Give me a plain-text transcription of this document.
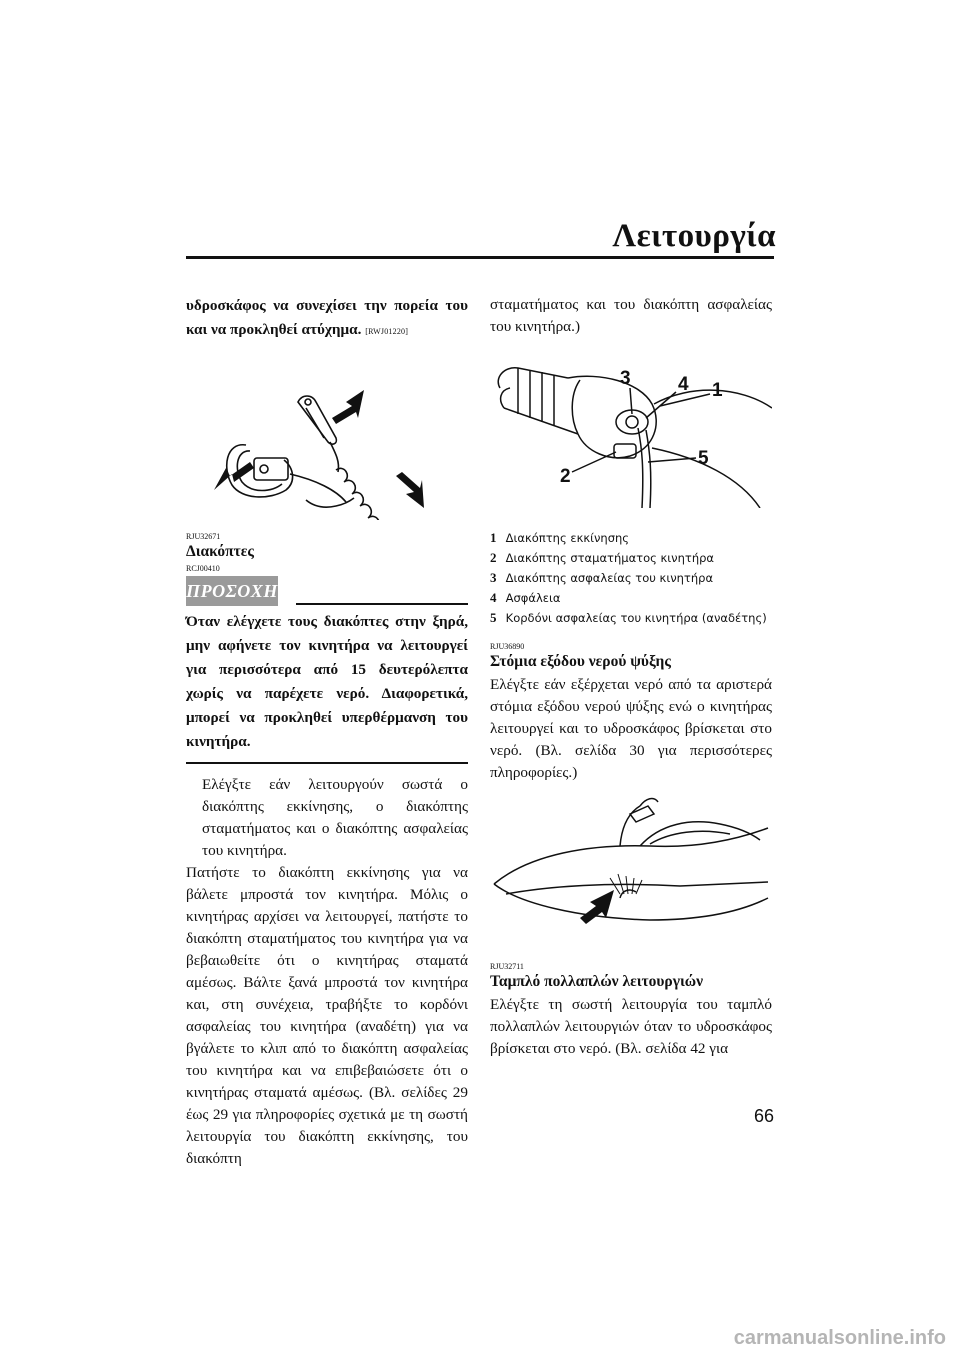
Λειτουργία

υδροσκάφος να συνεχίσει την πορεία του και να προκληθεί ατύχημα. [RWJ01220]

RJU32671

Διακόπτες

RCJ00410

ΠΡΟΣΟΧΗ

Όταν ελέγχετε τους διακόπτες στην ξηρά, μην αφήνετε τον κινητήρα να λειτουργεί για περισσότερα από 15 δευτερόλεπτα χωρίς να παρέχετε νερό. Διαφορετικά, μπορεί να προκληθεί υπερθέρμανση του κινητήρα.

Ελέγξτε εάν λειτουργούν σωστά ο διακόπτης εκκίνησης, ο διακόπτης σταματήματος και ο διακόπτης ασφαλείας του κινητήρα.

Πατήστε το διακόπτη εκκίνησης για να βάλετε μπροστά τον κινητήρα. Μόλις ο κινητήρας αρχίσει να λειτουργεί, πατήστε το διακόπτη σταματήματος του κινητήρα για να βεβαιωθείτε ότι ο κινητήρας σταματά αμέσως. Βάλτε ξανά μπροστά τον κινητήρα και, στη συνέχεια, τραβήξτε το κορδόνι ασφαλείας του κινητήρα (αναδέτη) για να βγάλετε το κλιπ από το διακόπτη ασφαλείας του κινητήρα και να επιβεβαιώσετε ότι ο κινητήρας σταματά αμέσως. (Βλ. σελίδες 29 έως 29 για πληροφορίες σχετικά με τη σωστή λειτουργία του διακόπτη εκκίνησης, του διακόπτη

σταματήματος και του διακόπτη ασφαλείας του κινητήρα.)

3 4 1
5
2
1 Διακόπτης εκκίνησης
2 Διακόπτης σταματήματος κινητήρα
3 Διακόπτης ασφαλείας του κινητήρα
4 Ασφάλεια
5 Κορδόνι ασφαλείας του κινητήρα (αναδέτης)

RJU36890

Στόμια εξόδου νερού ψύξης

Ελέγξτε εάν εξέρχεται νερό από τα αριστερά στόμια εξόδου νερού ψύξης ενώ ο κινητήρας λειτουργεί και το υδροσκάφος βρίσκεται στο νερό. (Βλ. σελίδα 30 για περισσότερες πληροφορίες.)

RJU32711

Ταμπλό πολλαπλών λειτουργιών

Ελέγξτε τη σωστή λειτουργία του ταμπλό πολλαπλών λειτουργιών όταν το υδροσκάφος βρίσκεται στο νερό. (Βλ. σελίδα 42 για

66
carmanualsonline.info
